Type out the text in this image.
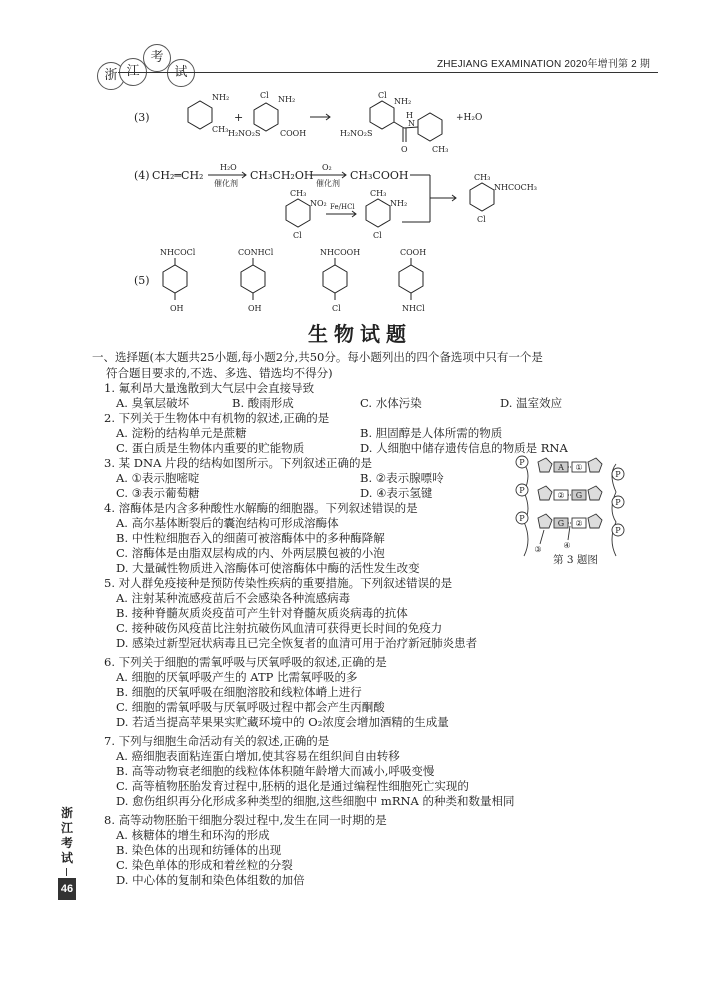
浙 江
考
试
ZHEJIANG EXAMINATION 2020年增刊第 2 期
(3)
NH₂
CH₃
+
Cl NH₂
H₂NO₂S COOH
Cl
NH₂
H
N
H₂NO₂S
O	CH₃
+H₂O
(4) CH₂═CH₂
H₂O
催化剂
CH₃CH₂OH
O₂
催化剂
CH₃COOH
CH₃
NO₂
Cl
Fe/HCl
CH₃
NH₂
Cl
CH₃
NHCOCH₃
Cl
(5)
NHCOCl
OH
CONHCl
OH
NHCOOH
Cl
COOH
NHCl
生物试题
一、选择题(本大题共25小题,每小题2分,共50分。每小题列出的四个备选项中只有一个是
符合题目要求的,不选、多选、错选均不得分)
1. 氟利昂大量逸散到大气层中会直接导致
A. 臭氧层破坏	B. 酸雨形成	C. 水体污染	D. 温室效应
2. 下列关于生物体中有机物的叙述,正确的是
A. 淀粉的结构单元是蔗糖	B. 胆固醇是人体所需的物质
C. 蛋白质是生物体内重要的贮能物质	D. 人细胞中储存遗传信息的物质是 RNA
3. 某 DNA 片段的结构如图所示。下列叙述正确的是
A. ①表示胞嘧啶	B. ②表示腺嘌呤
C. ③表示葡萄糖	D. ④表示氢键
4. 溶酶体是内含多种酸性水解酶的细胞器。下列叙述错误的是
A. 高尔基体断裂后的囊泡结构可形成溶酶体
B. 中性粒细胞吞入的细菌可被溶酶体中的多种酶降解
C. 溶酶体是由脂双层构成的内、外两层膜包被的小泡
D. 大量碱性物质进入溶酶体可使溶酶体中酶的活性发生改变
5. 对人群免疫接种是预防传染性疾病的重要措施。下列叙述错误的是
A. 注射某种流感疫苗后不会感染各种流感病毒
B. 接种脊髓灰质炎疫苗可产生针对脊髓灰质炎病毒的抗体
C. 接种破伤风疫苗比注射抗破伤风血清可获得更长时间的免疫力
D. 感染过新型冠状病毒且已完全恢复者的血清可用于治疗新冠肺炎患者
6. 下列关于细胞的需氧呼吸与厌氧呼吸的叙述,正确的是
A. 细胞的厌氧呼吸产生的 ATP 比需氧呼吸的多
B. 细胞的厌氧呼吸在细胞溶胶和线粒体嵴上进行
C. 细胞的需氧呼吸与厌氧呼吸过程中都会产生丙酮酸
D. 若适当提高苹果果实贮藏环境中的 O₂浓度会增加酒精的生成量
7. 下列与细胞生命活动有关的叙述,正确的是
A. 癌细胞表面粘连蛋白增加,使其容易在组织间自由转移
B. 高等动物衰老细胞的线粒体体积随年龄增大而减小,呼吸变慢
C. 高等植物胚胎发育过程中,胚柄的退化是通过编程性细胞死亡实现的
D. 愈伤组织再分化形成多种类型的细胞,这些细胞中 mRNA 的种类和数量相同
8. 高等动物胚胎干细胞分裂过程中,发生在同一时期的是
A. 核糖体的增生和环沟的形成
B. 染色体的出现和纺锤体的出现
C. 染色单体的形成和着丝粒的分裂
D. 中心体的复制和染色体组数的加倍
P
P
P
P
P
P
A ①
② G
G ②
③	④
第 3 题图
浙
江
考
试
46
